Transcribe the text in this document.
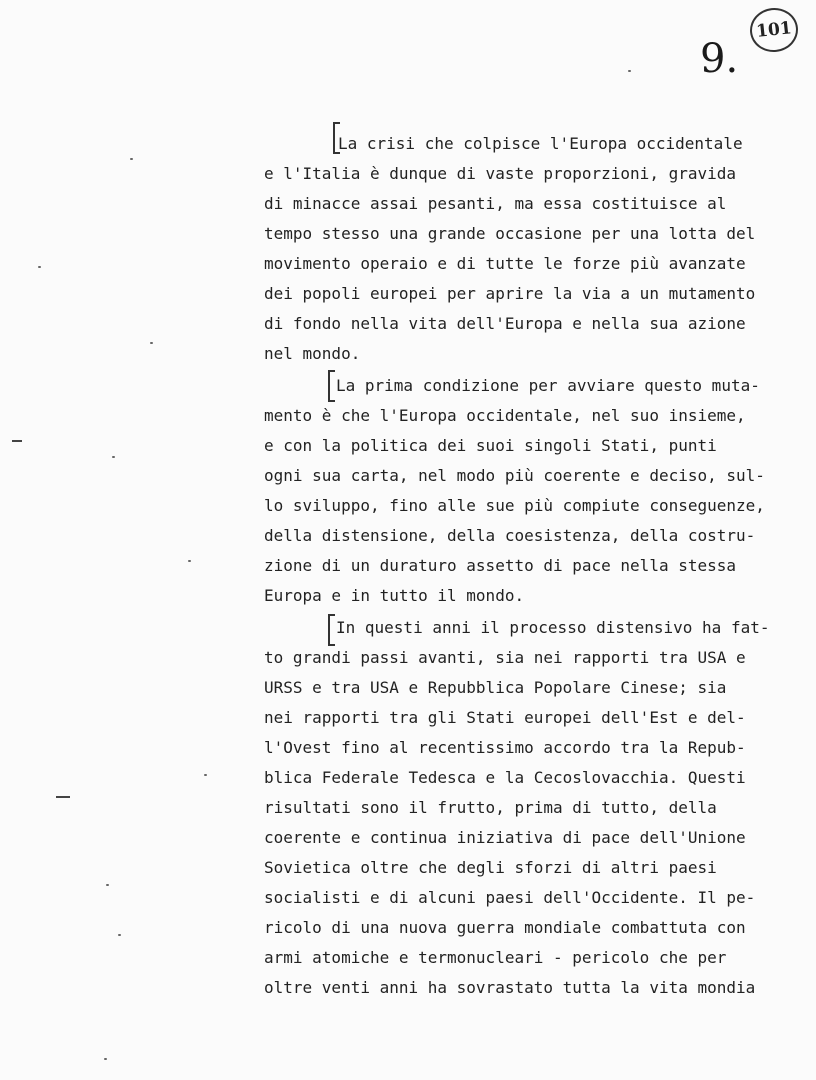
9.
101
La crisi che colpisce l'Europa occidentale
e l'Italia è dunque di vaste proporzioni, gravida
di minacce assai pesanti, ma essa costituisce al
tempo stesso una grande occasione per una lotta del
movimento operaio e di tutte le forze più avanzate
dei popoli europei per aprire la via a un mutamento
di fondo nella vita dell'Europa e nella sua azione
nel mondo.
La prima condizione per avviare questo muta-
mento è che l'Europa occidentale, nel suo insieme,
e con la politica dei suoi singoli Stati, punti
ogni sua carta, nel modo più coerente e deciso, sul-
lo sviluppo, fino alle sue più compiute conseguenze,
della distensione, della coesistenza, della costru-
zione di un duraturo assetto di pace nella stessa
Europa e in tutto il mondo.
In questi anni il processo distensivo ha fat-
to grandi passi avanti, sia nei rapporti tra USA e
URSS e tra USA e Repubblica Popolare Cinese; sia
nei rapporti tra gli Stati europei dell'Est e del-
l'Ovest fino al recentissimo accordo tra la Repub-
blica Federale Tedesca e la Cecoslovacchia. Questi
risultati sono il frutto, prima di tutto, della
coerente e continua iniziativa di pace dell'Unione
Sovietica oltre che degli sforzi di altri paesi
socialisti e di alcuni paesi dell'Occidente. Il pe-
ricolo di una nuova guerra mondiale combattuta con
armi atomiche e termonucleari - pericolo che per
oltre venti anni ha sovrastato tutta la vita mondia
